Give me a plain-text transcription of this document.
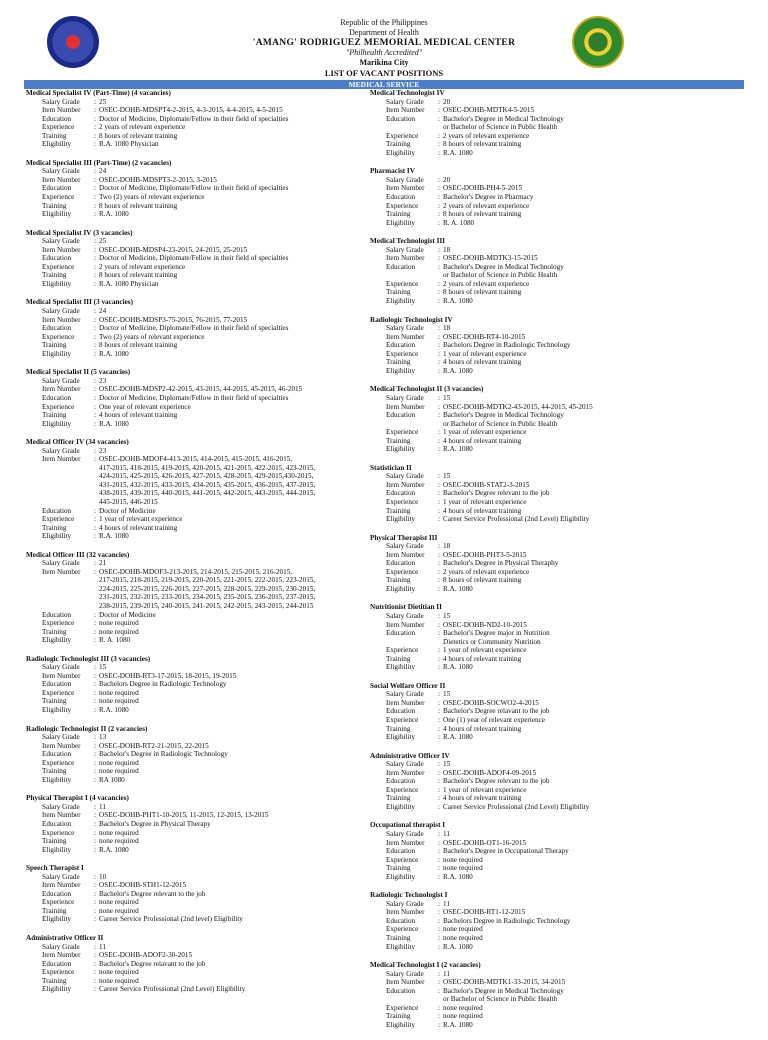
Republic of the Philippines
Department of Health
'AMANG' RODRIGUEZ MEMORIAL MEDICAL CENTER
"Philhealth Accredited"
Marikina City
LIST OF VACANT POSITIONS
MEDICAL SERVICE
Medical Specialist IV (Part-Time) (4 vacancies)
Salary Grade	: 25
Item Number	: OSEC-DOHB-MDSPT4-2-2015, 4-3-2015, 4-4-2015, 4-5-2015
Education	: Doctor of Medicine, Diplomate/Fellow in their field of specialties
Experience	: 2 years of relevant experience
Training	: 8 hours of relevant training
Eligibility	: R.A. 1080 Physician
Medical Specialist III (Part-Time) (2 vacancies)
Salary Grade	: 24
Item Number	: OSEC-DOHB-MDSPT3-2-2015, 3-2015
Education	: Doctor of Medicine, Diplomate/Fellow in their field of specialties
Experience	: Two (2) years of relevant experience
Training	: 8 hours of relevant training
Eligibility	: R.A. 1080
Medical Specialist IV (3 vacancies)
Salary Grade	: 25
Item Number	: OSEC-DOHB-MDSP4-23-2015, 24-2015, 25-2015
Education	: Doctor of Medicine, Diplomate/Fellow in their field of specialties
Experience	: 2 years of relevant experience
Training	: 8 hours of relevant training
Eligibility	: R.A. 1080 Physician
Medical Specialist III (3 vacancies)
Salary Grade	: 24
Item Number	: OSEC-DOHB-MDSP3-75-2015, 76-2015, 77-2015
Education	: Doctor of Medicine, Diplomate/Fellow in their field of specialties
Experience	: Two (2) years of relevant experience
Training	: 8 hours of relevant training
Eligibility	: R.A. 1080
Medical Specialist II (5 vacancies)
Salary Grade	: 23
Item Number	: OSEC-DOHB-MDSP2-42-2015, 43-2015, 44-2015, 45-2015, 46-2015
Education	: Doctor of Medicine, Diplomate/Fellow in their field of specialties
Experience	: One year of relevant experience
Training	: 4 hours of relevant training
Eligibility	: R.A. 1080
Medical Officer IV (34 vacancies)
Salary Grade	: 23
Item Number	: OSEC-DOHB-MDOF4-413-2015, 414-2015, 415-2015, 416-2015,
417-2015, 418-2015, 419-2015, 420-2015, 421-2015, 422-2015, 423-2015,
424-2015, 425-2015, 426-2015, 427-2015, 428-2015, 429-2015,430-2015,
431-2015, 432-2015, 433-2015, 434-2015, 435-2015, 436-2015, 437-2015,
438-2015, 439-2015, 440-2015, 441-2015, 442-2015, 443-2015, 444-2015,
445-2015, 446-2015
Education	: Doctor of Medicine
Experience	: 1 year of relevant experience
Training	: 4 hours of relevant training
Eligibility	: R.A. 1080
Medical Officer III (32 vacancies)
Salary Grade	: 21
Item Number	: OSEC-DOHB-MDOF3-213-2015, 214-2015, 215-2015, 216-2015,
217-2015, 218-2015, 219-2015, 220-2015, 221-2015, 222-2015, 223-2015,
224-2015, 225-2015, 226-2015, 227-2015, 228-2015, 229-2015, 230-2015,
231-2015, 232-2015, 233-2015, 234-2015, 235-2015, 236-2015, 237-2015,
238-2015, 239-2015, 240-2015, 241-2015, 242-2015, 243-2015, 244-2015
Education	: Doctor of Medicine
Experience	: none required
Training	: none required
Eligibility	: R. A. 1080
Radiologic Technologist III (3 vacancies)
Salary Grade	: 15
Item Number	: OSEC-DOHB-RT3-17-2015, 18-2015, 19-2015
Education	: Bachelors Degree in Radiologic Technology
Experience	: none required
Training	: none required
Eligibility	: R.A. 1080
Radiologic Technologist II (2 vacancies)
Salary Grade	: 13
Item Number	: OSEC-DOHB-RT2-21-2015, 22-2015
Education	: Bachelor's Degree in Radiologic Technology
Experience	: none required
Training	: none required
Eligibility	: RA 1080
Physical Therapist I (4 vacancies)
Salary Grade	: 11
Item Number	: OSEC-DOHB-PHT1-10-2015, 11-2015, 12-2015, 13-2015
Education	: Bachelor's Degree in Physical Therapy
Experience	: none required
Training	: none required
Eligibility	: R.A. 1080
Speech Therapist I
Salary Grade	: 10
Item Number	: OSEC-DOHB-STH1-12-2015
Education	: Bachelor's Degree relevant to the job
Experience	: none required
Training	: none required
Eligibility	: Career Service Professional (2nd level) Eligibility
Administrative Officer II
Salary Grade	: 11
Item Number	: OSEC-DOHB-ADOF2-30-2015
Education	: Bachelor's Degree relavant to the job
Experience	: none required
Training	: none required
Eligibility	: Career Service Professional (2nd Level) Eligibility
Medical Technologist IV
Salary Grade	: 20
Item Number	: OSEC-DOHB-MDTK4-5-2015
Education	: Bachelor's Degree in Medical Technology
or Bachelor of Science in Public Health
Experience	: 2 years of relevant experience
Training	: 8 hours of relevant training
Eligibility	: R.A. 1080
Pharmacist IV
Salary Grade	: 20
Item Number	: OSEC-DOHB-PH4-5-2015
Education	: Bachelor's Degree in Pharmacy
Experience	: 2 years of relevant experience
Training	: 8 hours of relevant training
Eligibility	: R. A. 1080
Medical Technologist III
Salary Grade	: 18
Item Number	: OSEC-DOHB-MDTK3-15-2015
Education	: Bachelor's Degree in Medical Technology
or Bachelor of Science in Public Health
Experience	: 2 years of relevant experience
Training	: 8 hours of relevant training
Eligibility	: R.A. 1080
Radiologic Technologist IV
Salary Grade	: 18
Item Number	: OSEC-DOHB-RT4-10-2015
Education	: Bachelors Degree in Radiologic Technology
Experience	: 1 year of relevant experience
Training	: 4 hours of relevant training
Eligibility	: R.A. 1080
Medical Technologist II (3 vacancies)
Salary Grade	: 15
Item Number	: OSEC-DOHB-MDTK2-43-2015, 44-2015, 45-2015
Education	: Bachelor's Degree in Medical Technology
or Bachelor of Science in Public Health
Experience	: 1 year of relevant experience
Training	: 4 hours of relevant training
Eligibility	: R.A. 1080
Statistician II
Salary Grade	: 15
Item Number	: OSEC-DOHB-STAT2-3-2015
Education	: Bachelor's Degree relevant to the job
Experience	: 1 year of relevant experience
Training	: 4 hours of relevant training
Eligibility	: Career Service Professional (2nd Level) Eligibility
Physical Therapist III
Salary Grade	: 18
Item Number	: OSEC-DOHB-PHT3-5-2015
Education	: Bachelor's Degree in Physical Theraphy
Experience	: 2 years of relevant experience
Training	: 8 hours of relevant training
Eligibility	: R.A. 1080
Nutritionist Dietitian II
Salary Grade	: 15
Item Number	: OSEC-DOHB-ND2-10-2015
Education	: Bachelor's Degree major in Nutrition
Dietetics or Community Nutrition
Experience	: 1 year of relevant experience
Training	: 4 hours of relevant training
Eligibility	: R.A. 1080
Social Welfare Officer II
Salary Grade	: 15
Item Number	: OSEC-DOHB-SOCWO2-4-2015
Education	: Bachelor's Degree relavant to the job
Experience	: One (1) year of relevant experience
Training	: 4 hours of relevant training
Eligibility	: R.A. 1080
Administrative Officer IV
Salary Grade	: 15
Item Number	: OSEC-DOHB-ADOF4-09-2015
Education	: Bachelor's Degree relevant to the job
Experience	: 1 year of relevant experience
Training	: 4 hours of relevant training
Eligibility	: Career Service Professional (2nd Level) Eligibility
Occupational therapist I
Salary Grade	: 11
Item Number	: OSEC-DOHB-OT1-16-2015
Education	: Bachelor's Degree in Occupational Therapy
Experience	: none required
Training	: none required
Eligibility	: R.A. 1080
Radiologic Technologist I
Salary Grade	: 11
Item Number	: OSEC-DOHB-RT1-12-2015
Education	: Bachelors Degree in Radiologic Technology
Experience	: none required
Training	: none required
Eligibility	: R.A. 1080
Medical Technologist I (2 vacancies)
Salary Grade	: 11
Item Number	: OSEC-DOHB-MDTK1-33-2015, 34-2015
Education	: Bachelor's Degree in Medical Technology
or Bachelor of Science in Public Health
Experience	: none required
Training	: none required
Eligibility	: R.A. 1080
